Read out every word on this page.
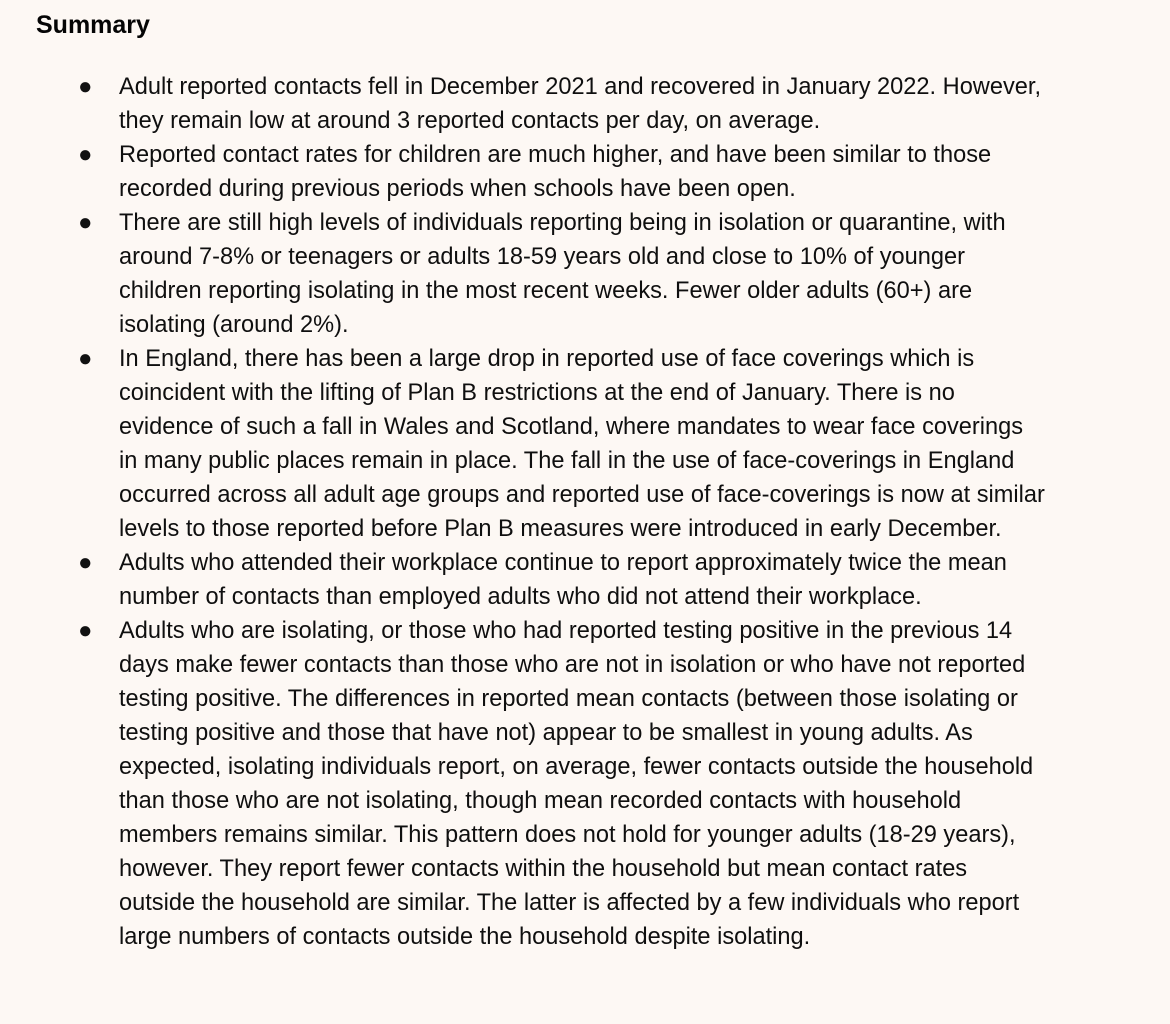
Summary
● Adult reported contacts fell in December 2021 and recovered in January 2022. However,
they remain low at around 3 reported contacts per day, on average.
● Reported contact rates for children are much higher, and have been similar to those
recorded during previous periods when schools have been open.
● There are still high levels of individuals reporting being in isolation or quarantine, with
around 7-8% or teenagers or adults 18-59 years old and close to 10% of younger
children reporting isolating in the most recent weeks. Fewer older adults (60+) are
isolating (around 2%).
● In England, there has been a large drop in reported use of face coverings which is
coincident with the lifting of Plan B restrictions at the end of January. There is no
evidence of such a fall in Wales and Scotland, where mandates to wear face coverings
in many public places remain in place. The fall in the use of face-coverings in England
occurred across all adult age groups and reported use of face-coverings is now at similar
levels to those reported before Plan B measures were introduced in early December.
● Adults who attended their workplace continue to report approximately twice the mean
number of contacts than employed adults who did not attend their workplace.
● Adults who are isolating, or those who had reported testing positive in the previous 14
days make fewer contacts than those who are not in isolation or who have not reported
testing positive. The differences in reported mean contacts (between those isolating or
testing positive and those that have not) appear to be smallest in young adults. As
expected, isolating individuals report, on average, fewer contacts outside the household
than those who are not isolating, though mean recorded contacts with household
members remains similar. This pattern does not hold for younger adults (18-29 years),
however. They report fewer contacts within the household but mean contact rates
outside the household are similar. The latter is affected by a few individuals who report
large numbers of contacts outside the household despite isolating.
